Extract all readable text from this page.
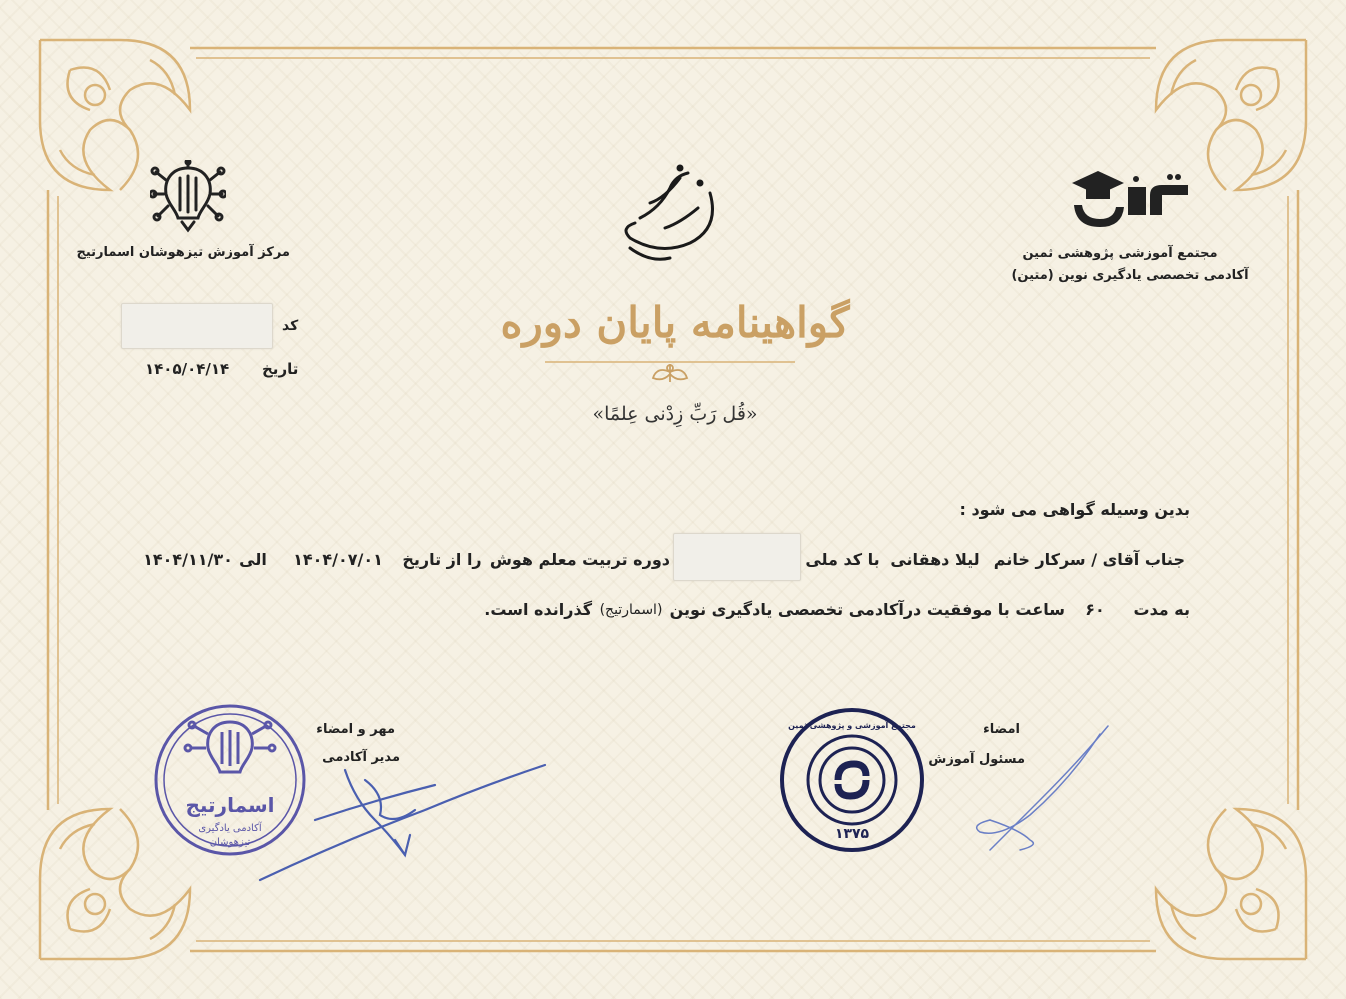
مرکز آموزش تیزهوشان اسمارتیج	مجتمع آموزشی پژوهشی ثمین
آکادمی تخصصی یادگیری نوین (متین)
گواهینامه پایان دوره
«قُل رَبِّ زِدْنی عِلمًا»
کد
۱۴۰۵/۰۴/۱۴ تاریخ
بدین وسیله گواهی می شود :
جناب آقای / سرکار خانم
لیلا دهقانی
با کد ملی
دوره تربیت معلم هوش
را از تاریخ
۱۴۰۴/۰۷/۰۱
الی
۱۴۰۴/۱۱/۳۰
به مدت
۶۰
ساعت با موفقیت درآکادمی تخصصی یادگیری نوین
(اسمارتیج)
گذرانده است.
اسمارتیج
آکادمی یادگیری
تیزهوشان
مهر و امضاء
مدیر آکادمی
۱۳۷۵
مجتمع آموزشی و پژوهشی ثمین	امضاء
مسئول آموزش
